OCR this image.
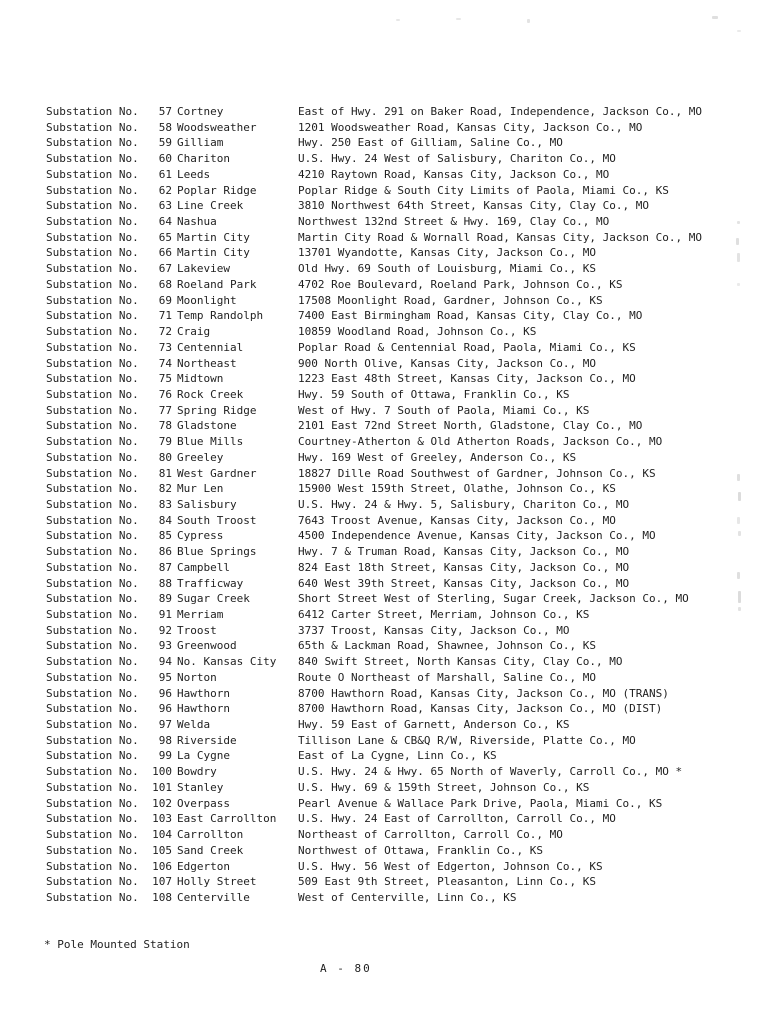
Substation No.	57 Cortney	East of Hwy. 291 on Baker Road, Independence, Jackson Co., MO
Substation No.	58 Woodsweather	1201 Woodsweather Road, Kansas City, Jackson Co., MO
Substation No.	59 Gilliam	Hwy. 250 East of Gilliam, Saline Co., MO
Substation No.	60 Chariton	U.S. Hwy. 24 West of Salisbury, Chariton Co., MO
Substation No.	61 Leeds	4210 Raytown Road, Kansas City, Jackson Co., MO
Substation No.	62 Poplar Ridge	Poplar Ridge & South City Limits of Paola, Miami Co., KS
Substation No.	63 Line Creek	3810 Northwest 64th Street, Kansas City, Clay Co., MO
Substation No.	64 Nashua	Northwest 132nd Street & Hwy. 169, Clay Co., MO
Substation No.	65 Martin City	Martin City Road & Wornall Road, Kansas City, Jackson Co., MO
Substation No.	66 Martin City	13701 Wyandotte, Kansas City, Jackson Co., MO
Substation No.	67 Lakeview	Old Hwy. 69 South of Louisburg, Miami Co., KS
Substation No.	68 Roeland Park	4702 Roe Boulevard, Roeland Park, Johnson Co., KS
Substation No.	69 Moonlight	17508 Moonlight Road, Gardner, Johnson Co., KS
Substation No.	71 Temp Randolph	7400 East Birmingham Road, Kansas City, Clay Co., MO
Substation No.	72 Craig	10859 Woodland Road, Johnson Co., KS
Substation No.	73 Centennial	Poplar Road & Centennial Road, Paola, Miami Co., KS
Substation No.	74 Northeast	900 North Olive, Kansas City, Jackson Co., MO
Substation No.	75 Midtown	1223 East 48th Street, Kansas City, Jackson Co., MO
Substation No.	76 Rock Creek	Hwy. 59 South of Ottawa, Franklin Co., KS
Substation No.	77 Spring Ridge	West of Hwy. 7 South of Paola, Miami Co., KS
Substation No.	78 Gladstone	2101 East 72nd Street North, Gladstone, Clay Co., MO
Substation No.	79 Blue Mills	Courtney-Atherton & Old Atherton Roads, Jackson Co., MO
Substation No.	80 Greeley	Hwy. 169 West of Greeley, Anderson Co., KS
Substation No.	81 West Gardner	18827 Dille Road Southwest of Gardner, Johnson Co., KS
Substation No.	82 Mur Len	15900 West 159th Street, Olathe, Johnson Co., KS
Substation No.	83 Salisbury	U.S. Hwy. 24 & Hwy. 5, Salisbury, Chariton Co., MO
Substation No.	84 South Troost	7643 Troost Avenue, Kansas City, Jackson Co., MO
Substation No.	85 Cypress	4500 Independence Avenue, Kansas City, Jackson Co., MO
Substation No.	86 Blue Springs	Hwy. 7 & Truman Road, Kansas City, Jackson Co., MO
Substation No.	87 Campbell	824 East 18th Street, Kansas City, Jackson Co., MO
Substation No.	88 Trafficway	640 West 39th Street, Kansas City, Jackson Co., MO
Substation No.	89 Sugar Creek	Short Street West of Sterling, Sugar Creek, Jackson Co., MO
Substation No.	91 Merriam	6412 Carter Street, Merriam, Johnson Co., KS
Substation No.	92 Troost	3737 Troost, Kansas City, Jackson Co., MO
Substation No.	93 Greenwood	65th & Lackman Road, Shawnee, Johnson Co., KS
Substation No.	94 No. Kansas City	840 Swift Street, North Kansas City, Clay Co., MO
Substation No.	95 Norton	Route O Northeast of Marshall, Saline Co., MO
Substation No.	96 Hawthorn	8700 Hawthorn Road, Kansas City, Jackson Co., MO (TRANS)
Substation No.	96 Hawthorn	8700 Hawthorn Road, Kansas City, Jackson Co., MO (DIST)
Substation No.	97 Welda	Hwy. 59 East of Garnett, Anderson Co., KS
Substation No.	98 Riverside	Tillison Lane & CB&Q R/W, Riverside, Platte Co., MO
Substation No.	99 La Cygne	East of La Cygne, Linn Co., KS
Substation No.	100 Bowdry	U.S. Hwy. 24 & Hwy. 65 North of Waverly, Carroll Co., MO *
Substation No.	101 Stanley	U.S. Hwy. 69 & 159th Street, Johnson Co., KS
Substation No.	102 Overpass	Pearl Avenue & Wallace Park Drive, Paola, Miami Co., KS
Substation No.	103 East Carrollton	U.S. Hwy. 24 East of Carrollton, Carroll Co., MO
Substation No.	104 Carrollton	Northeast of Carrollton, Carroll Co., MO
Substation No.	105 Sand Creek	Northwest of Ottawa, Franklin Co., KS
Substation No.	106 Edgerton	U.S. Hwy. 56 West of Edgerton, Johnson Co., KS
Substation No.	107 Holly Street	509 East 9th Street, Pleasanton, Linn Co., KS
Substation No.	108 Centerville	West of Centerville, Linn Co., KS
* Pole Mounted Station
A - 80
